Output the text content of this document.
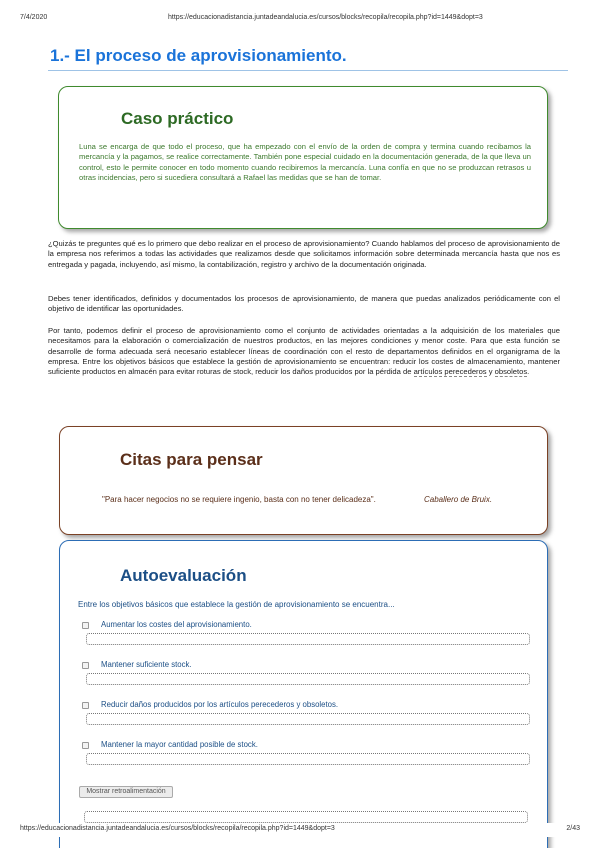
7/4/2020	https://educacionadistancia.juntadeandalucia.es/cursos/blocks/recopila/recopila.php?id=1449&dopt=3
1.- El proceso de aprovisionamiento.
Caso práctico

Luna se encarga de que todo el proceso, que ha empezado con el envío de la orden de compra y termina cuando recibamos la mercancía y la pagamos, se realice correctamente. También pone especial cuidado en la documentación generada, de la que lleva un control, esto le permite conocer en todo momento cuando recibiremos la mercancía. Luna confía en que no se produzcan retrasos u otras incidencias, pero si sucediera consultará a Rafael las medidas que se han de tomar.

¿Quizás te preguntes qué es lo primero que debo realizar en el proceso de aprovisionamiento? Cuando hablamos del proceso de aprovisionamiento de la empresa nos referimos a todas las actividades que realizamos desde que solicitamos información sobre determinada mercancía hasta que nos es entregada y pagada, incluyendo, así mismo, la contabilización, registro y archivo de la documentación originada.

Debes tener identificados, definidos y documentados los procesos de aprovisionamiento, de manera que puedas analizados periódicamente con el objetivo de identificar las oportunidades.

Por tanto, podemos definir el proceso de aprovisionamiento como el conjunto de actividades orientadas a la adquisición de los materiales que necesitamos para la elaboración o comercialización de nuestros productos, en las mejores condiciones y menor coste. Para que esta función se desarrolle de forma adecuada será necesario establecer líneas de coordinación con el resto de departamentos definidos en el organigrama de la empresa. Entre los objetivos básicos que establece la gestión de aprovisionamiento se encuentran: reducir los costes de almacenamiento, mantener suficiente productos en almacén para evitar roturas de stock, reducir los daños producidos por la pérdida de artículos perecederos y obsoletos.

Citas para pensar
"Para hacer negocios no se requiere ingenio, basta con no tener delicadeza".	Caballero de Bruix.
Autoevaluación
Entre los objetivos básicos que establece la gestión de aprovisionamiento se encuentra...
Aumentar los costes del aprovisionamiento.
Mantener suficiente stock.
Reducir daños producidos por los artículos perecederos y obsoletos.
Mantener la mayor cantidad posible de stock.
Mostrar retroalimentación
https://educacionadistancia.juntadeandalucia.es/cursos/blocks/recopila/recopila.php?id=1449&dopt=3	2/43
